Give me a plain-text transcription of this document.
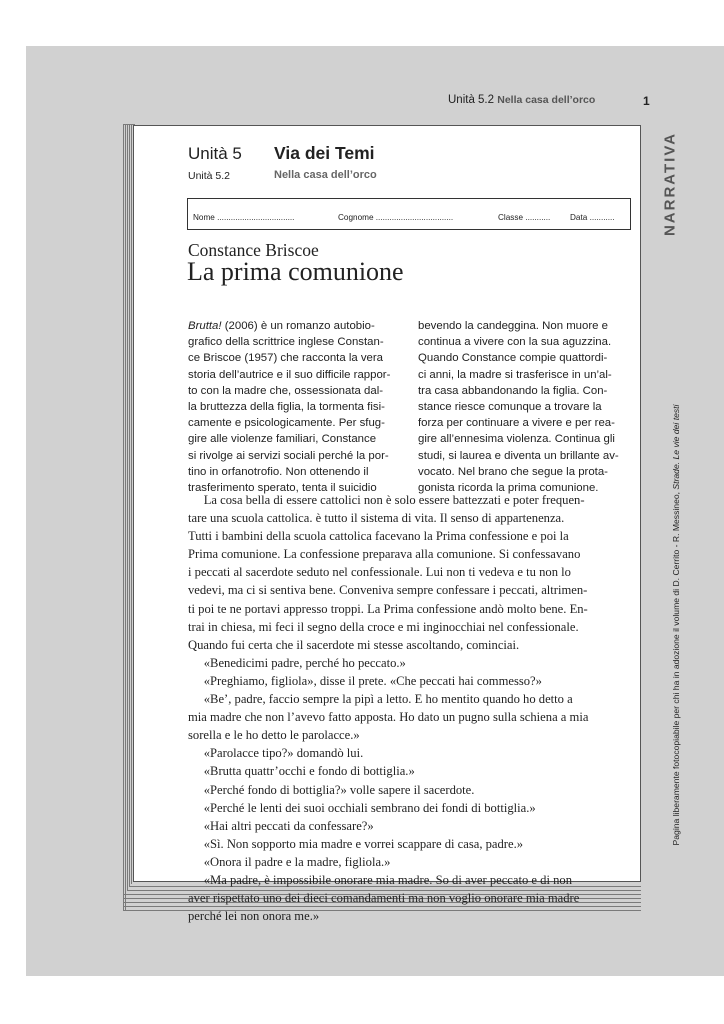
Unità 5.2 Nella casa dell’orco	1
NARRATIVA
Pagina liberamente fotocopiabile per chi ha in adozione il volume di D. Cerrito - R. Messineo, Strade. Le vie dei testi
Unità 5 Via dei Temi
Unità 5.2	Nella casa dell’orco
Nome ..................................	Cognome ..................................	Classe ........... Data ...........
Constance Briscoe
La prima comunione
Brutta! (2006) è un romanzo autobio-
grafico della scrittrice inglese Constan-
ce Briscoe (1957) che racconta la vera
storia dell’autrice e il suo difficile rappor-
to con la madre che, ossessionata dal-
la bruttezza della figlia, la tormenta fisi-
camente e psicologicamente. Per sfug-
gire alle violenze familiari, Constance
si rivolge ai servizi sociali perché la por-
tino in orfanotrofio. Non ottenendo il
trasferimento sperato, tenta il suicidio
bevendo la candeggina. Non muore e
continua a vivere con la sua aguzzina.
Quando Constance compie quattordi-
ci anni, la madre si trasferisce in un’al-
tra casa abbandonando la figlia. Con-
stance riesce comunque a trovare la
forza per continuare a vivere e per rea-
gire all’ennesima violenza. Continua gli
studi, si laurea e diventa un brillante av-
vocato. Nel brano che segue la prota-
gonista ricorda la prima comunione.
La cosa bella di essere cattolici non è solo essere battezzati e poter frequen-
tare una scuola cattolica. è tutto il sistema di vita. Il senso di appartenenza.
Tutti i bambini della scuola cattolica facevano la Prima confessione e poi la
Prima comunione. La confessione preparava alla comunione. Si confessavano
i peccati al sacerdote seduto nel confessionale. Lui non ti vedeva e tu non lo
vedevi, ma ci si sentiva bene. Conveniva sempre confessare i peccati, altrimen-
ti poi te ne portavi appresso troppi. La Prima confessione andò molto bene. En-
trai in chiesa, mi feci il segno della croce e mi inginocchiai nel confessionale.
Quando fui certa che il sacerdote mi stesse ascoltando, cominciai.
«Benedicimi padre, perché ho peccato.»
«Preghiamo, figliola», disse il prete. «Che peccati hai commesso?»
«Be’, padre, faccio sempre la pipì a letto. E ho mentito quando ho detto a
mia madre che non l’avevo fatto apposta. Ho dato un pugno sulla schiena a mia
sorella e le ho detto le parolacce.»
«Parolacce tipo?» domandò lui.
«Brutta quattr’occhi e fondo di bottiglia.»
«Perché fondo di bottiglia?» volle sapere il sacerdote.
«Perché le lenti dei suoi occhiali sembrano dei fondi di bottiglia.»
«Hai altri peccati da confessare?»
«Sì. Non sopporto mia madre e vorrei scappare di casa, padre.»
«Onora il padre e la madre, figliola.»
«Ma padre, è impossibile onorare mia madre. So di aver peccato e di non
aver rispettato uno dei dieci comandamenti ma non voglio onorare mia madre
perché lei non onora me.»
